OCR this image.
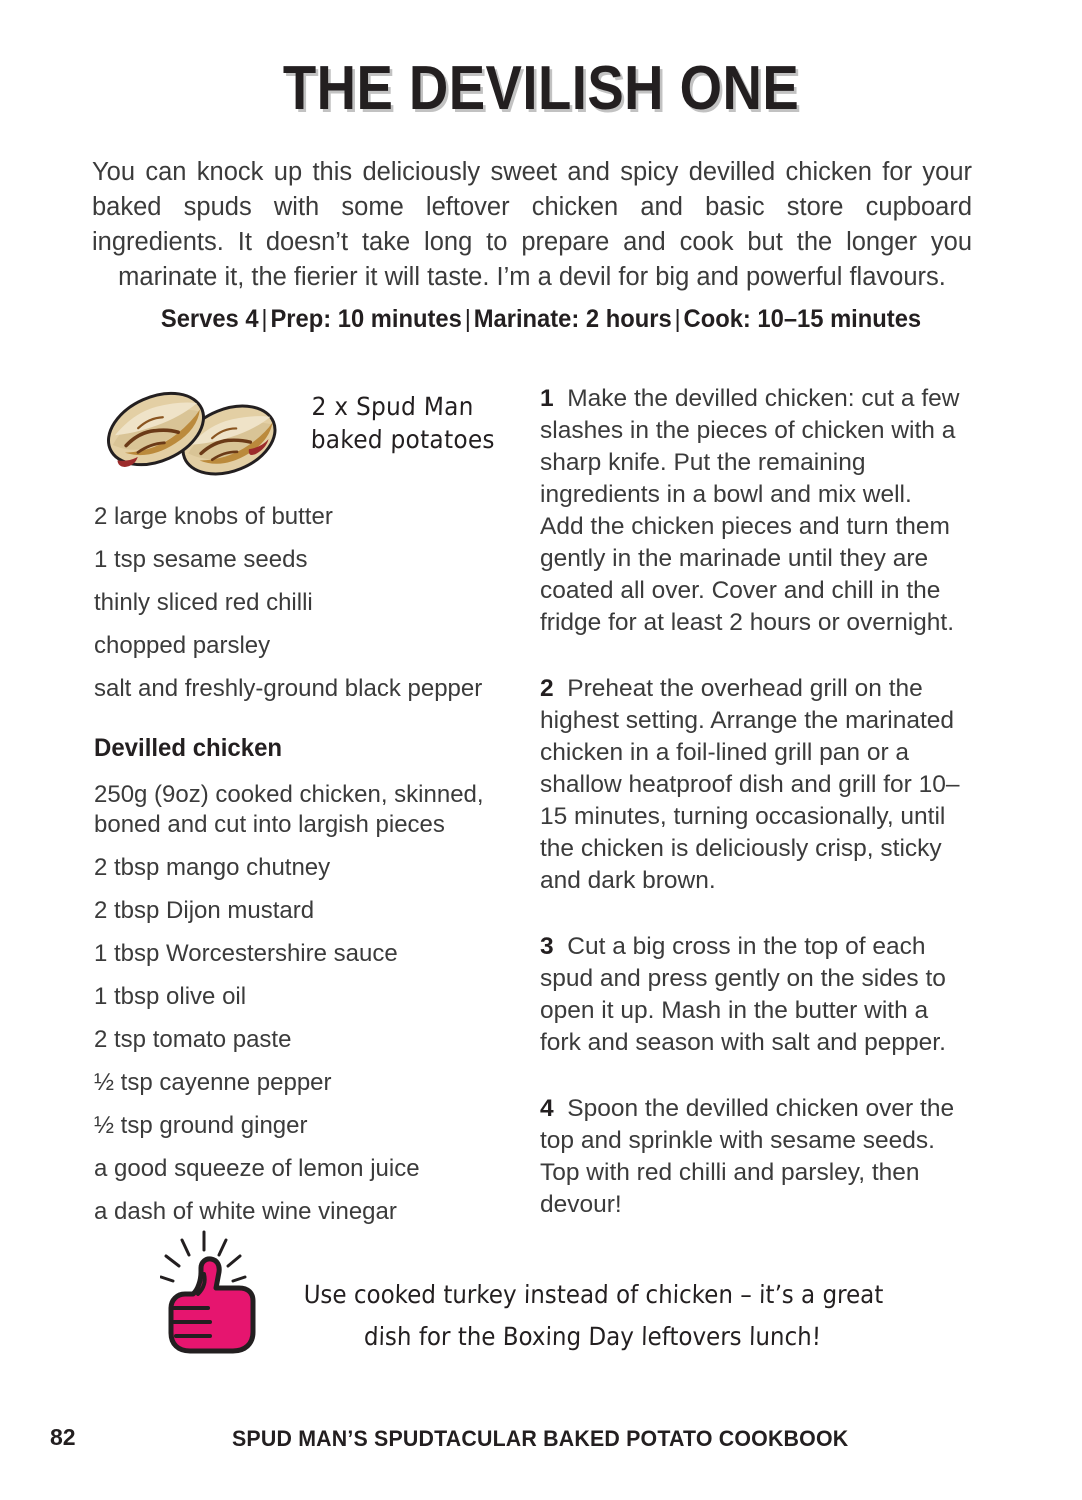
THE DEVILISH ONE
You can knock up this deliciously sweet and spicy devilled chicken for your baked spuds with some leftover chicken and basic store cupboard ingredients. It doesn’t take long to prepare and cook but the longer you marinate it, the fierier it will taste. I’m a devil for big and powerful flavours.
Serves 4 | Prep: 10 minutes | Marinate: 2 hours | Cook: 10–15 minutes
2 x Spud Man
baked potatoes
2 large knobs of butter
1 tsp sesame seeds
thinly sliced red chilli
chopped parsley
salt and freshly-ground black pepper
Devilled chicken
250g (9oz) cooked chicken, skinned, boned and cut into largish pieces
2 tbsp mango chutney
2 tbsp Dijon mustard
1 tbsp Worcestershire sauce
1 tbsp olive oil
2 tsp tomato paste
½ tsp cayenne pepper
½ tsp ground ginger
a good squeeze of lemon juice
a dash of white wine vinegar
1 Make the devilled chicken: cut a few slashes in the pieces of chicken with a sharp knife. Put the remaining ingredients in a bowl and mix well. Add the chicken pieces and turn them gently in the marinade until they are coated all over. Cover and chill in the fridge for at least 2 hours or overnight.
2 Preheat the overhead grill on the highest setting. Arrange the marinated chicken in a foil-lined grill pan or a shallow heatproof dish and grill for 10–15 minutes, turning occasionally, until the chicken is deliciously crisp, sticky and dark brown.
3 Cut a big cross in the top of each spud and press gently on the sides to open it up. Mash in the butter with a fork and season with salt and pepper.
4 Spoon the devilled chicken over the top and sprinkle with sesame seeds. Top with red chilli and parsley, then devour!
Use cooked turkey instead of chicken – it’s a great
dish for the Boxing Day leftovers lunch!
82	SPUD MAN’S SPUDTACULAR BAKED POTATO COOKBOOK
